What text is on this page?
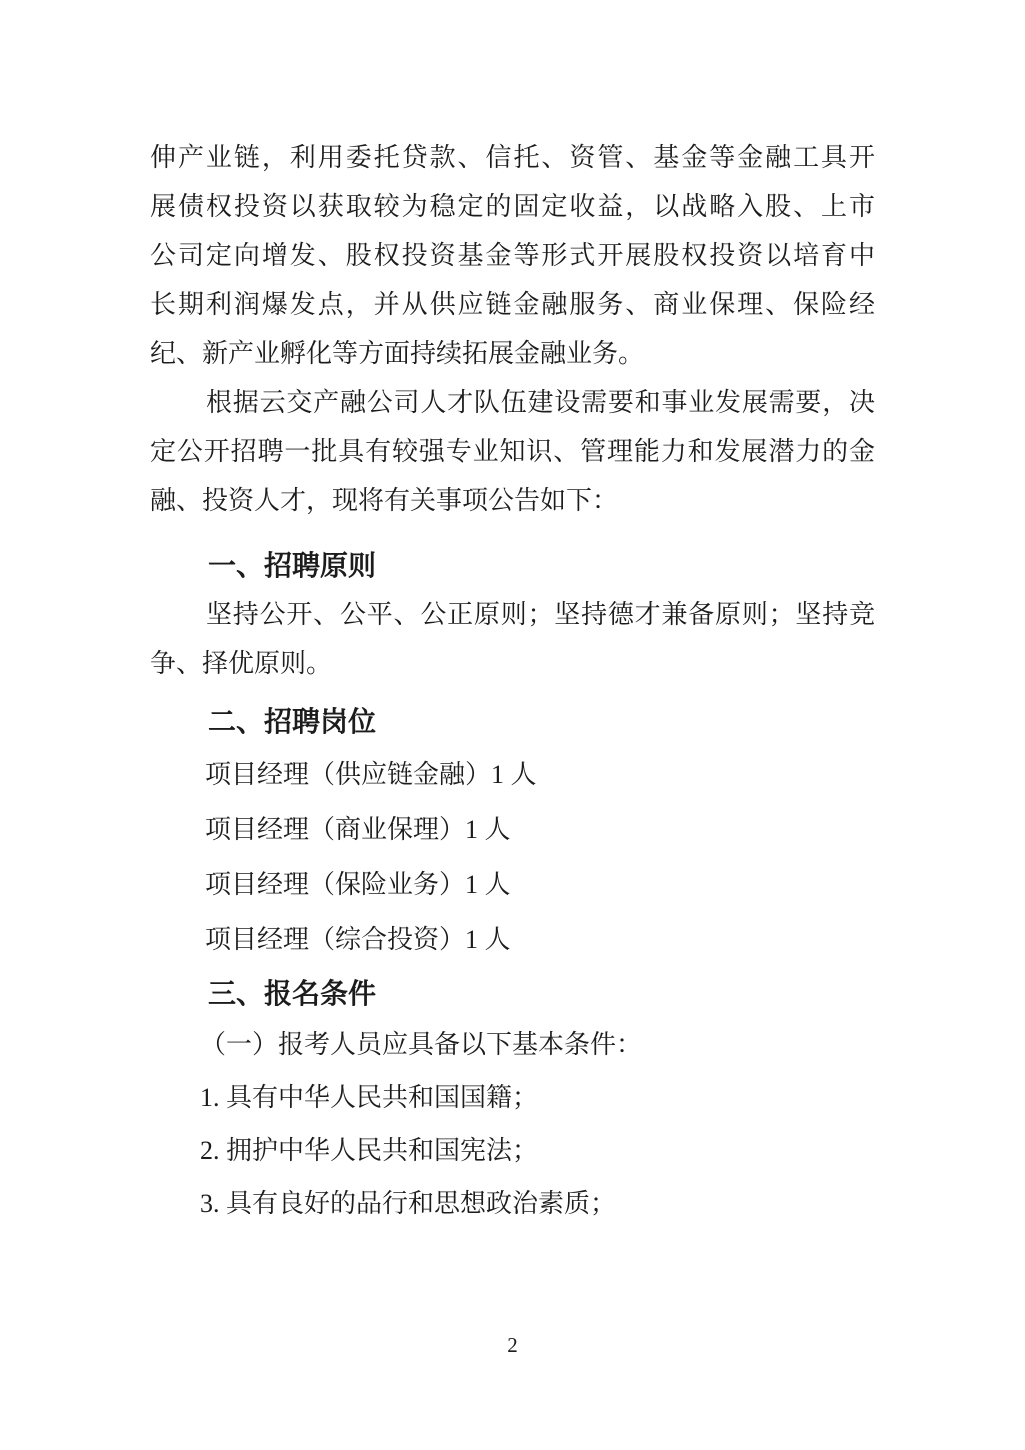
伸产业链，利用委托贷款、信托、资管、基金等金融工具开
展债权投资以获取较为稳定的固定收益，以战略入股、上市
公司定向增发、股权投资基金等形式开展股权投资以培育中
长期利润爆发点，并从供应链金融服务、商业保理、保险经
纪、新产业孵化等方面持续拓展金融业务。
根据云交产融公司人才队伍建设需要和事业发展需要，决
定公开招聘一批具有较强专业知识、管理能力和发展潜力的金
融、投资人才，现将有关事项公告如下：
一、招聘原则
坚持公开、公平、公正原则；坚持德才兼备原则；坚持竞
争、择优原则。
二、招聘岗位
项目经理（供应链金融）1 人
项目经理（商业保理）1 人
项目经理（保险业务）1 人
项目经理（综合投资）1 人
三、报名条件
（一）报考人员应具备以下基本条件：
1. 具有中华人民共和国国籍；
2. 拥护中华人民共和国宪法；
3. 具有良好的品行和思想政治素质；
2
